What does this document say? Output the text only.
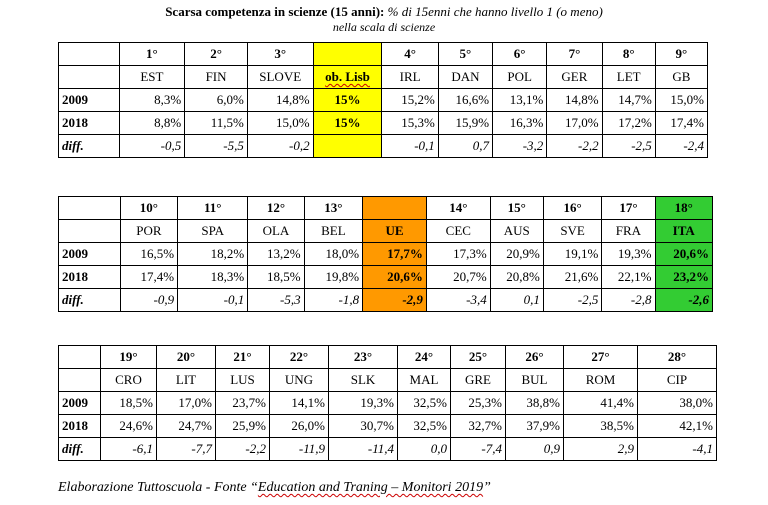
Scarsa competenza in scienze (15 anni): % di 15enni che hanno livello 1 (o meno)
nella scala di scienze
	1°	2°	3°		4°	5°	6°	7°	8°	9°
	EST	FIN	SLOVE	ob. Lisb	IRL	DAN	POL	GER	LET	GB
2009	8,3%	6,0%	14,8%	15%	15,2%	16,6%	13,1%	14,8%	14,7%	15,0%
2018	8,8%	11,5%	15,0%	15%	15,3%	15,9%	16,3%	17,0%	17,2%	17,4%
diff.	-0,5	-5,5	-0,2		-0,1	0,7	-3,2	-2,2	-2,5	-2,4
	10°	11°	12°	13°		14°	15°	16°	17°	18°
	POR	SPA	OLA	BEL	UE	CEC	AUS	SVE	FRA	ITA
2009	16,5%	18,2%	13,2%	18,0%	17,7%	17,3%	20,9%	19,1%	19,3%	20,6%
2018	17,4%	18,3%	18,5%	19,8%	20,6%	20,7%	20,8%	21,6%	22,1%	23,2%
diff.	-0,9	-0,1	-5,3	-1,8	-2,9	-3,4	0,1	-2,5	-2,8	-2,6
	19°	20°	21°	22°	23°	24°	25°	26°	27°	28°
	CRO	LIT	LUS	UNG	SLK	MAL	GRE	BUL	ROM	CIP
2009	18,5%	17,0%	23,7%	14,1%	19,3%	32,5%	25,3%	38,8%	41,4%	38,0%
2018	24,6%	24,7%	25,9%	26,0%	30,7%	32,5%	32,7%	37,9%	38,5%	42,1%
diff.	-6,1	-7,7	-2,2	-11,9	-11,4	0,0	-7,4	0,9	2,9	-4,1
Elaborazione Tuttoscuola - Fonte “Education and Traning – Monitori 2019”
